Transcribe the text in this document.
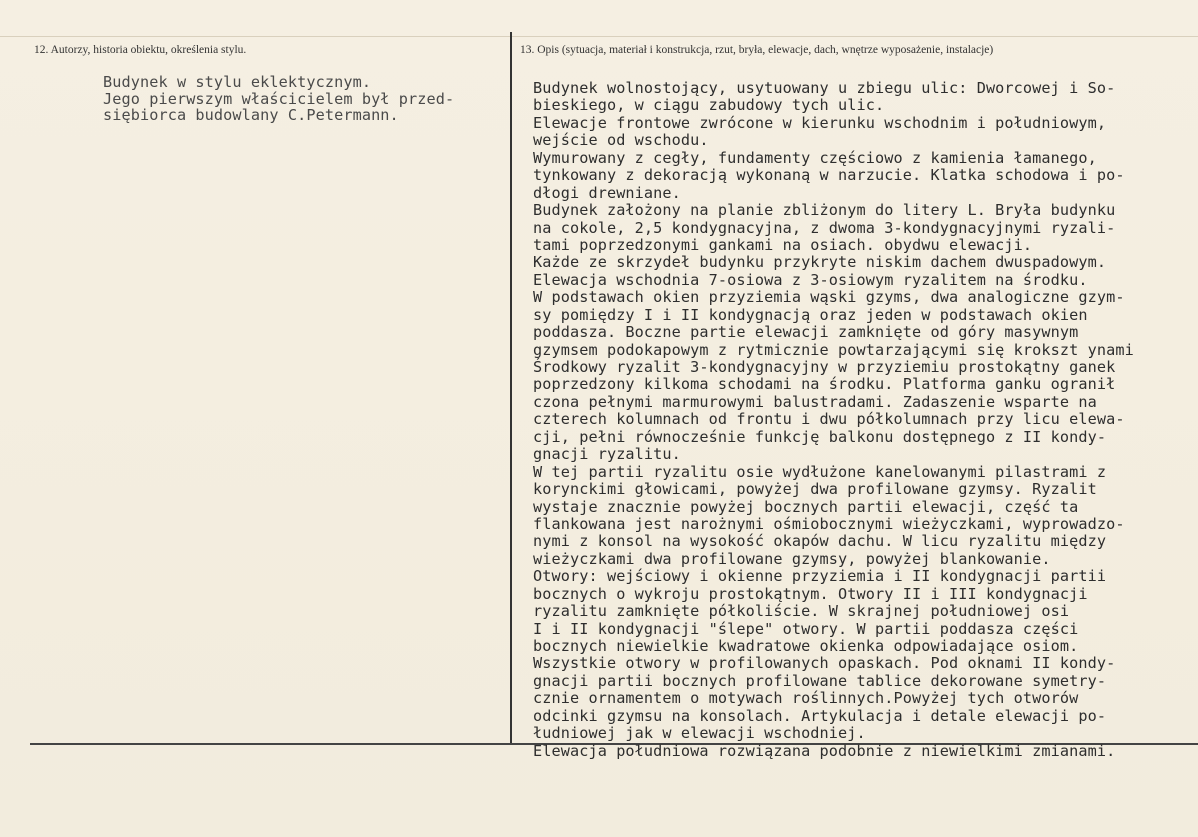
12. Autorzy, historia obiektu, określenia stylu.	13. Opis (sytuacja, materiał i konstrukcja, rzut, bryła, elewacje, dach, wnętrze wyposażenie, instalacje)
Budynek w stylu eklektycznym.
Jego pierwszym właścicielem był przed-
siębiorca budowlany C.Petermann.
Budynek wolnostojący, usytuowany u zbiegu ulic: Dworcowej i So-
bieskiego, w ciągu zabudowy tych ulic.
Elewacje frontowe zwrócone w kierunku wschodnim i południowym,
wejście od wschodu.
Wymurowany z cegły, fundamenty częściowo z kamienia łamanego,
tynkowany z dekoracją wykonaną w narzucie. Klatka schodowa i po-
dłogi drewniane.
Budynek założony na planie zbliżonym do litery L. Bryła budynku
na cokole, 2,5 kondygnacyjna, z dwoma 3-kondygnacyjnymi ryzali-
tami poprzedzonymi gankami na osiach. obydwu elewacji.
Każde ze skrzydeł budynku przykryte niskim dachem dwuspadowym.
Elewacja wschodnia 7-osiowa z 3-osiowym ryzalitem na środku.
W podstawach okien przyziemia wąski gzyms, dwa analogiczne gzym-
sy pomiędzy I i II kondygnacją oraz jeden w podstawach okien
poddasza. Boczne partie elewacji zamknięte od góry masywnym
gzymsem podokapowym z rytmicznie powtarzającymi się krokszt ynami
Środkowy ryzalit 3-kondygnacyjny w przyziemiu prostokątny ganek
poprzedzony kilkoma schodami na środku. Platforma ganku ogranił
czona pełnymi marmurowymi balustradami. Zadaszenie wsparte na
czterech kolumnach od frontu i dwu półkolumnach przy licu elewa-
cji, pełni równocześnie funkcję balkonu dostępnego z II kondy-
gnacji ryzalitu.
W tej partii ryzalitu osie wydłużone kanelowanymi pilastrami z
korynckimi głowicami, powyżej dwa profilowane gzymsy. Ryzalit
wystaje znacznie powyżej bocznych partii elewacji, część ta
flankowana jest narożnymi ośmiobocznymi wieżyczkami, wyprowadzo-
nymi z konsol na wysokość okapów dachu. W licu ryzalitu między
wieżyczkami dwa profilowane gzymsy, powyżej blankowanie.
Otwory: wejściowy i okienne przyziemia i II kondygnacji partii
bocznych o wykroju prostokątnym. Otwory II i III kondygnacji
ryzalitu zamknięte półkoliście. W skrajnej południowej osi
I i II kondygnacji "ślepe" otwory. W partii poddasza części
bocznych niewielkie kwadratowe okienka odpowiadające osiom.
Wszystkie otwory w profilowanych opaskach. Pod oknami II kondy-
gnacji partii bocznych profilowane tablice dekorowane symetry-
cznie ornamentem o motywach roślinnych.Powyżej tych otworów
odcinki gzymsu na konsolach. Artykulacja i detale elewacji po-
łudniowej jak w elewacji wschodniej.
Elewacja południowa rozwiązana podobnie z niewielkimi zmianami.
